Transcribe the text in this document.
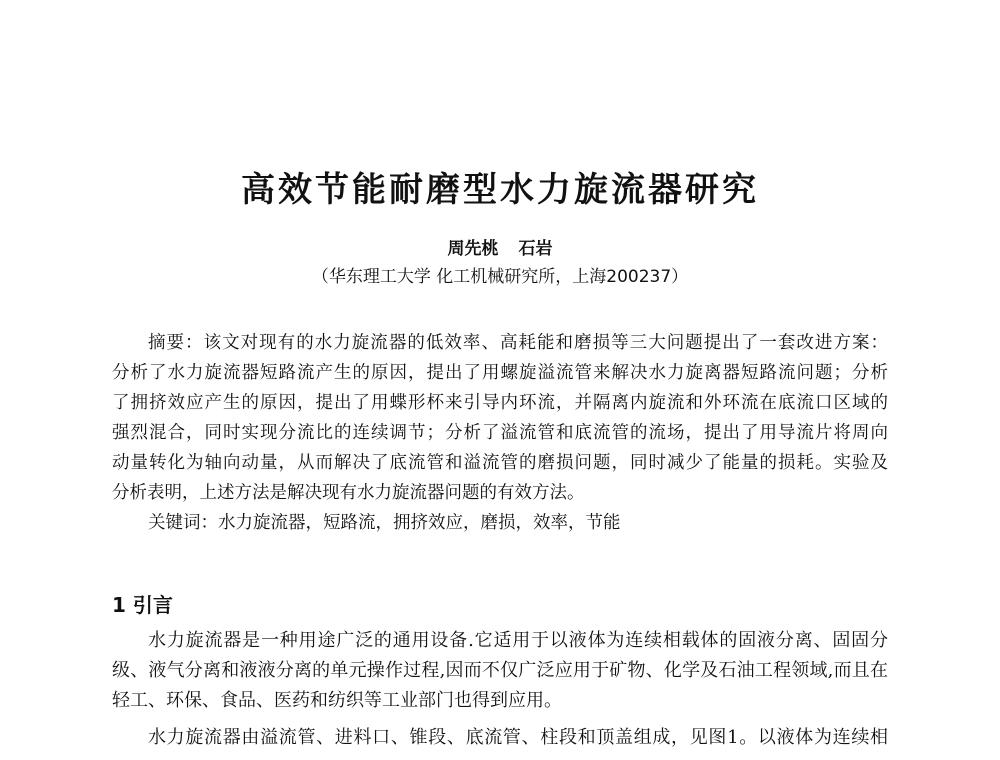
高效节能耐磨型水力旋流器研究
周先桃 石岩
（华东理工大学 化工机械研究所，上海200237）
摘要：该文对现有的水力旋流器的低效率、高耗能和磨损等三大问题提出了一套改进方案：
分析了水力旋流器短路流产生的原因，提出了用螺旋溢流管来解决水力旋离器短路流问题；分析
了拥挤效应产生的原因，提出了用蝶形杯来引导内环流，并隔离内旋流和外环流在底流口区域的
强烈混合，同时实现分流比的连续调节；分析了溢流管和底流管的流场，提出了用导流片将周向
动量转化为轴向动量，从而解决了底流管和溢流管的磨损问题，同时减少了能量的损耗。实验及
分析表明，上述方法是解决现有水力旋流器问题的有效方法。
关键词：水力旋流器，短路流，拥挤效应，磨损，效率，节能
1 引言
水力旋流器是一种用途广泛的通用设备.它适用于以液体为连续相载体的固液分离、固固分
级、液气分离和液液分离的单元操作过程,因而不仅广泛应用于矿物、化学及石油工程领域,而且在
轻工、环保、食品、医药和纺织等工业部门也得到应用。
水力旋流器由溢流管、进料口、锥段、底流管、柱段和顶盖组成，见图1。以液体为连续相
